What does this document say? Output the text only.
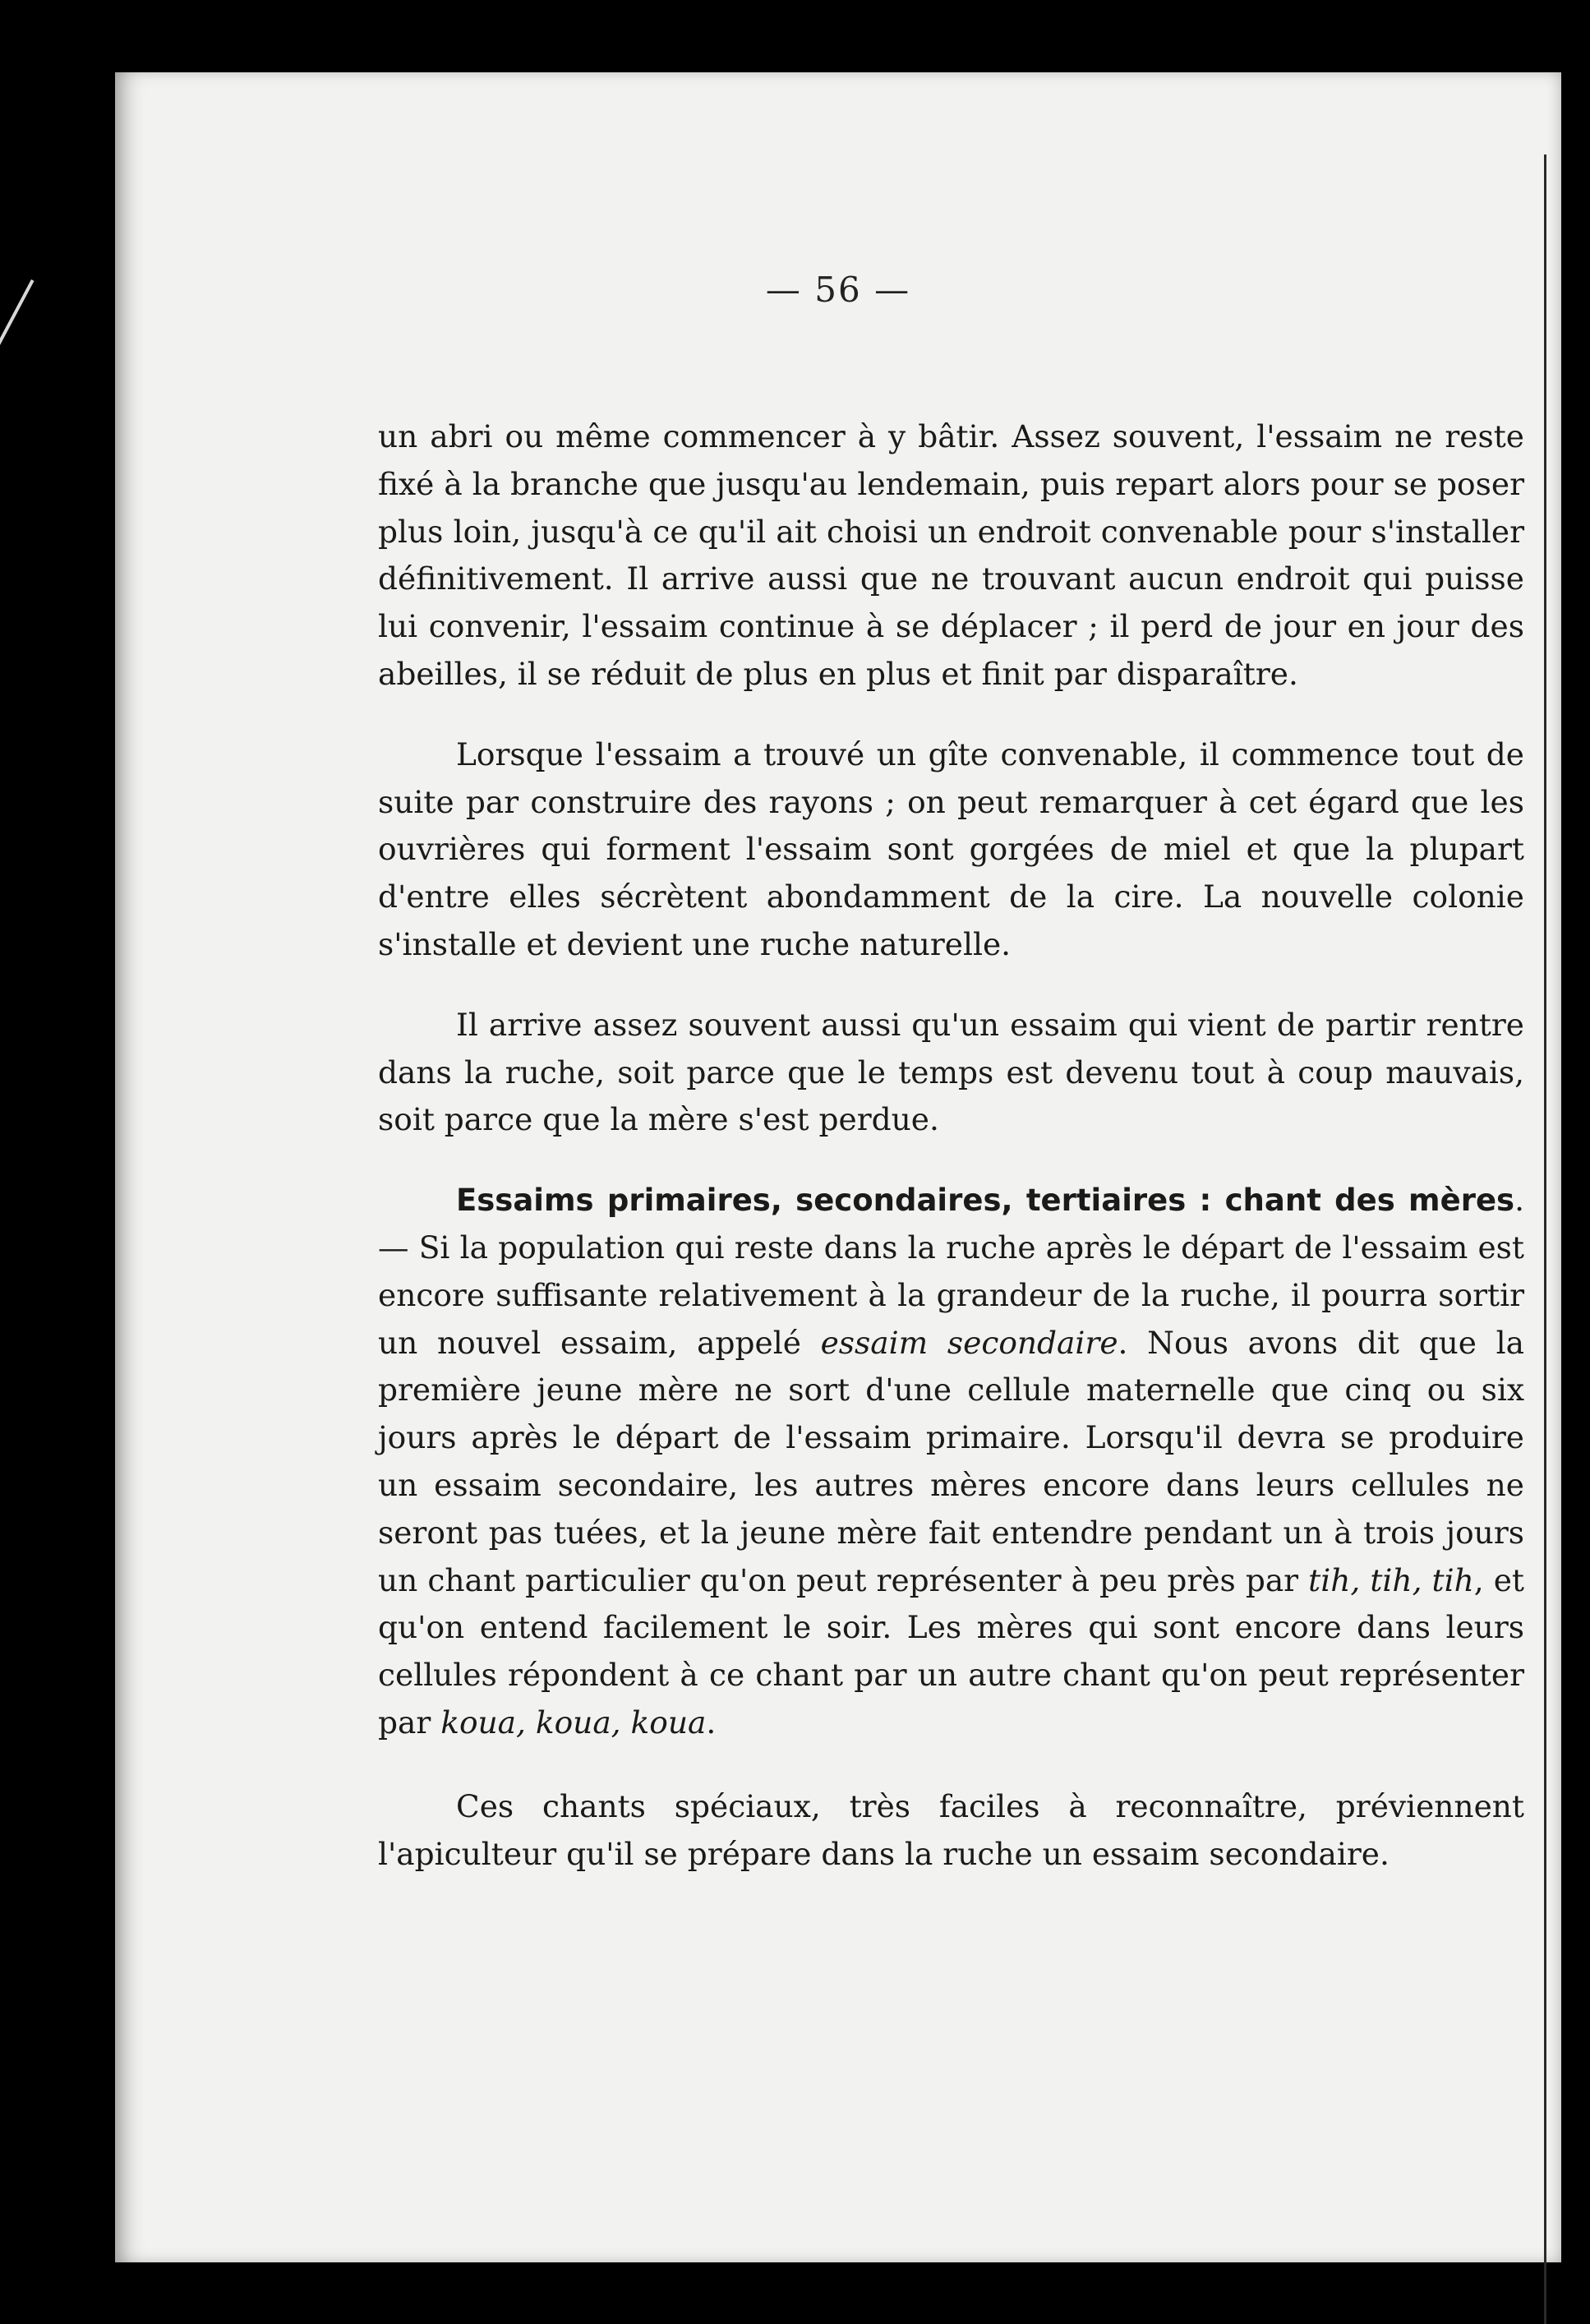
— 56 —

un abri ou même commencer à y bâtir. Assez souvent, l'essaim ne reste fixé à la branche que jusqu'au lendemain, puis repart alors pour se poser plus loin, jusqu'à ce qu'il ait choisi un endroit convenable pour s'installer définitivement. Il arrive aussi que ne trouvant aucun endroit qui puisse lui convenir, l'essaim continue à se déplacer ; il perd de jour en jour des abeilles, il se réduit de plus en plus et finit par disparaître.

Lorsque l'essaim a trouvé un gîte convenable, il commence tout de suite par construire des rayons ; on peut remarquer à cet égard que les ouvrières qui forment l'essaim sont gorgées de miel et que la plupart d'entre elles sécrètent abondamment de la cire. La nouvelle colonie s'installe et devient une ruche naturelle.

Il arrive assez souvent aussi qu'un essaim qui vient de partir rentre dans la ruche, soit parce que le temps est devenu tout à coup mauvais, soit parce que la mère s'est perdue.

Essaims primaires, secondaires, tertiaires : chant des mères. — Si la population qui reste dans la ruche après le départ de l'essaim est encore suffisante relativement à la grandeur de la ruche, il pourra sortir un nouvel essaim, appelé essaim secondaire. Nous avons dit que la première jeune mère ne sort d'une cellule maternelle que cinq ou six jours après le départ de l'essaim primaire. Lorsqu'il devra se produire un essaim secondaire, les autres mères encore dans leurs cellules ne seront pas tuées, et la jeune mère fait entendre pendant un à trois jours un chant particulier qu'on peut représenter à peu près par tih, tih, tih, et qu'on entend facilement le soir. Les mères qui sont encore dans leurs cellules répondent à ce chant par un autre chant qu'on peut représenter par koua, koua, koua.

Ces chants spéciaux, très faciles à reconnaître, préviennent l'apiculteur qu'il se prépare dans la ruche un essaim secondaire.
